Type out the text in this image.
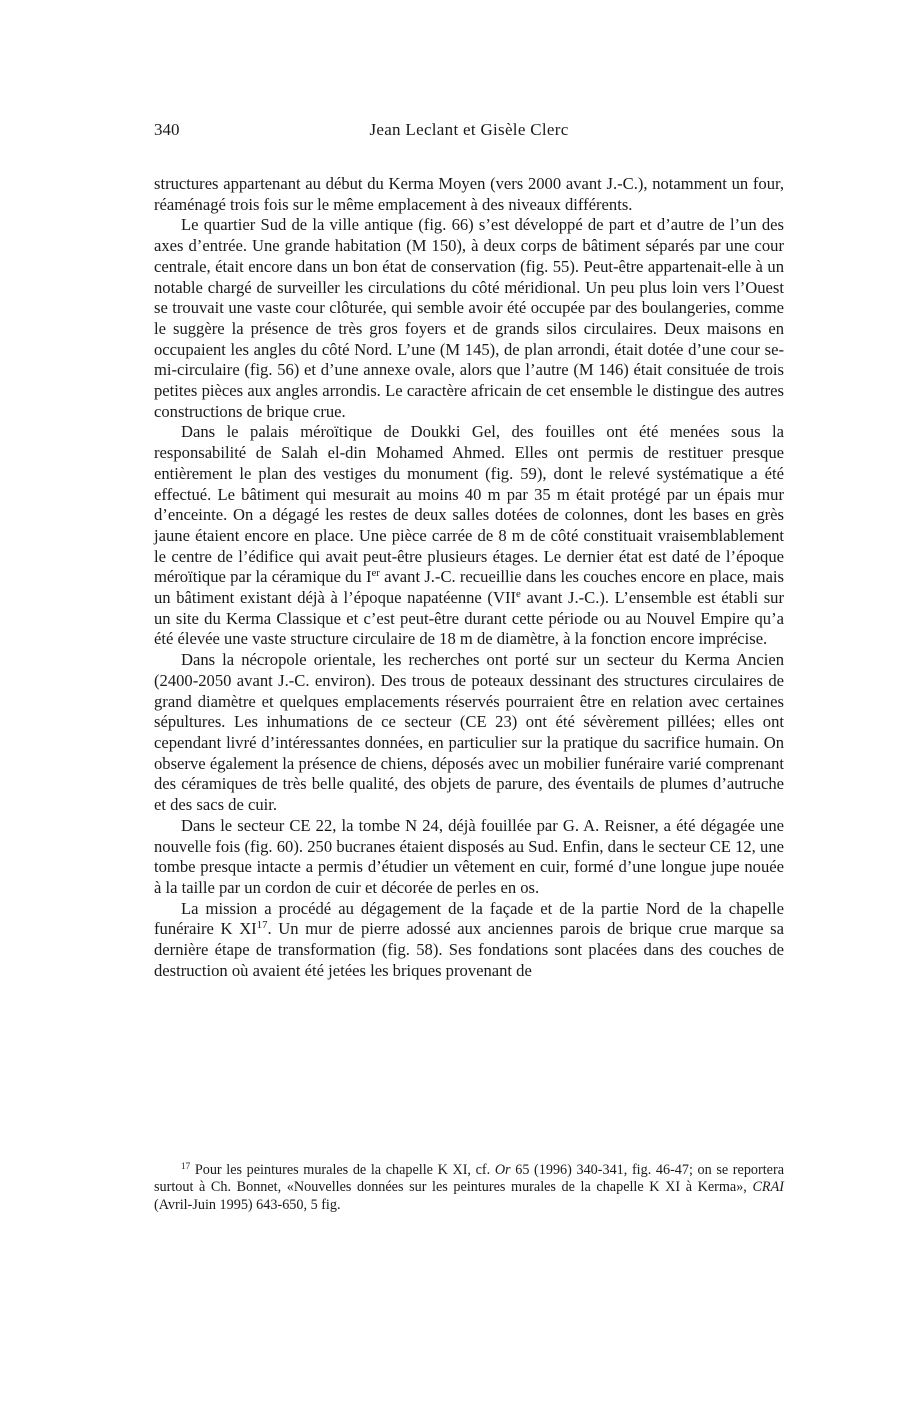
340	Jean Leclant et Gisèle Clerc

structures appartenant au début du Kerma Moyen (vers 2000 avant J.-C.), notamment un four, réaménagé trois fois sur le même emplacement à des niveaux différents.

Le quartier Sud de la ville antique (fig. 66) s’est développé de part et d’autre de l’un des axes d’entrée. Une grande habitation (M 150), à deux corps de bâtiment séparés par une cour centrale, était encore dans un bon état de conservation (fig. 55). Peut-être appartenait-elle à un notable chargé de surveiller les circulations du côté méridional. Un peu plus loin vers l’Ouest se trouvait une vaste cour clôturée, qui semble avoir été occupée par des boulangeries, comme le suggère la présence de très gros foyers et de grands silos circulaires. Deux maisons en occupaient les angles du côté Nord. L’une (M 145), de plan arrondi, était dotée d’une cour semi-circulaire (fig. 56) et d’une annexe ovale, alors que l’autre (M 146) était consituée de trois petites pièces aux angles arrondis. Le caractère africain de cet ensemble le distingue des autres constructions de brique crue.

Dans le palais méroïtique de Doukki Gel, des fouilles ont été menées sous la responsabilité de Salah el-din Mohamed Ahmed. Elles ont permis de restituer presque entièrement le plan des vestiges du monument (fig. 59), dont le relevé systématique a été effectué. Le bâtiment qui mesurait au moins 40 m par 35 m était protégé par un épais mur d’enceinte. On a dégagé les restes de deux salles dotées de colonnes, dont les bases en grès jaune étaient encore en place. Une pièce carrée de 8 m de côté constituait vraisemblablement le centre de l’édifice qui avait peut-être plusieurs étages. Le dernier état est daté de l’époque méroïtique par la céramique du Ier avant J.-C. recueillie dans les couches encore en place, mais un bâtiment existant déjà à l’époque napatéenne (VIIe avant J.-C.). L’ensemble est établi sur un site du Kerma Classique et c’est peut-être durant cette période ou au Nouvel Empire qu’a été élevée une vaste structure circulaire de 18 m de diamètre, à la fonction encore imprécise.

Dans la nécropole orientale, les recherches ont porté sur un secteur du Kerma Ancien (2400-2050 avant J.-C. environ). Des trous de poteaux dessinant des structures circulaires de grand diamètre et quelques emplacements réservés pourraient être en relation avec certaines sépultures. Les inhumations de ce secteur (CE 23) ont été sévèrement pillées; elles ont cependant livré d’intéressantes données, en particulier sur la pratique du sacrifice humain. On observe également la présence de chiens, déposés avec un mobilier funéraire varié comprenant des céramiques de très belle qualité, des objets de parure, des éventails de plumes d’autruche et des sacs de cuir.

Dans le secteur CE 22, la tombe N 24, déjà fouillée par G. A. Reisner, a été dégagée une nouvelle fois (fig. 60). 250 bucranes étaient disposés au Sud. Enfin, dans le secteur CE 12, une tombe presque intacte a permis d’étudier un vêtement en cuir, formé d’une longue jupe nouée à la taille par un cordon de cuir et décorée de perles en os.

La mission a procédé au dégagement de la façade et de la partie Nord de la chapelle funéraire K XI$^{17}$. Un mur de pierre adossé aux anciennes parois de brique crue marque sa dernière étape de transformation (fig. 58). Ses fondations sont placées dans des couches de destruction où avaient été jetées les briques provenant de

$^{17}$ Pour les peintures murales de la chapelle K XI, cf. Or 65 (1996) 340-341, fig. 46-47; on se reportera surtout à Ch. Bonnet, «Nouvelles données sur les peintures murales de la chapelle K XI à Kerma», CRAI (Avril-Juin 1995) 643-650, 5 fig.
